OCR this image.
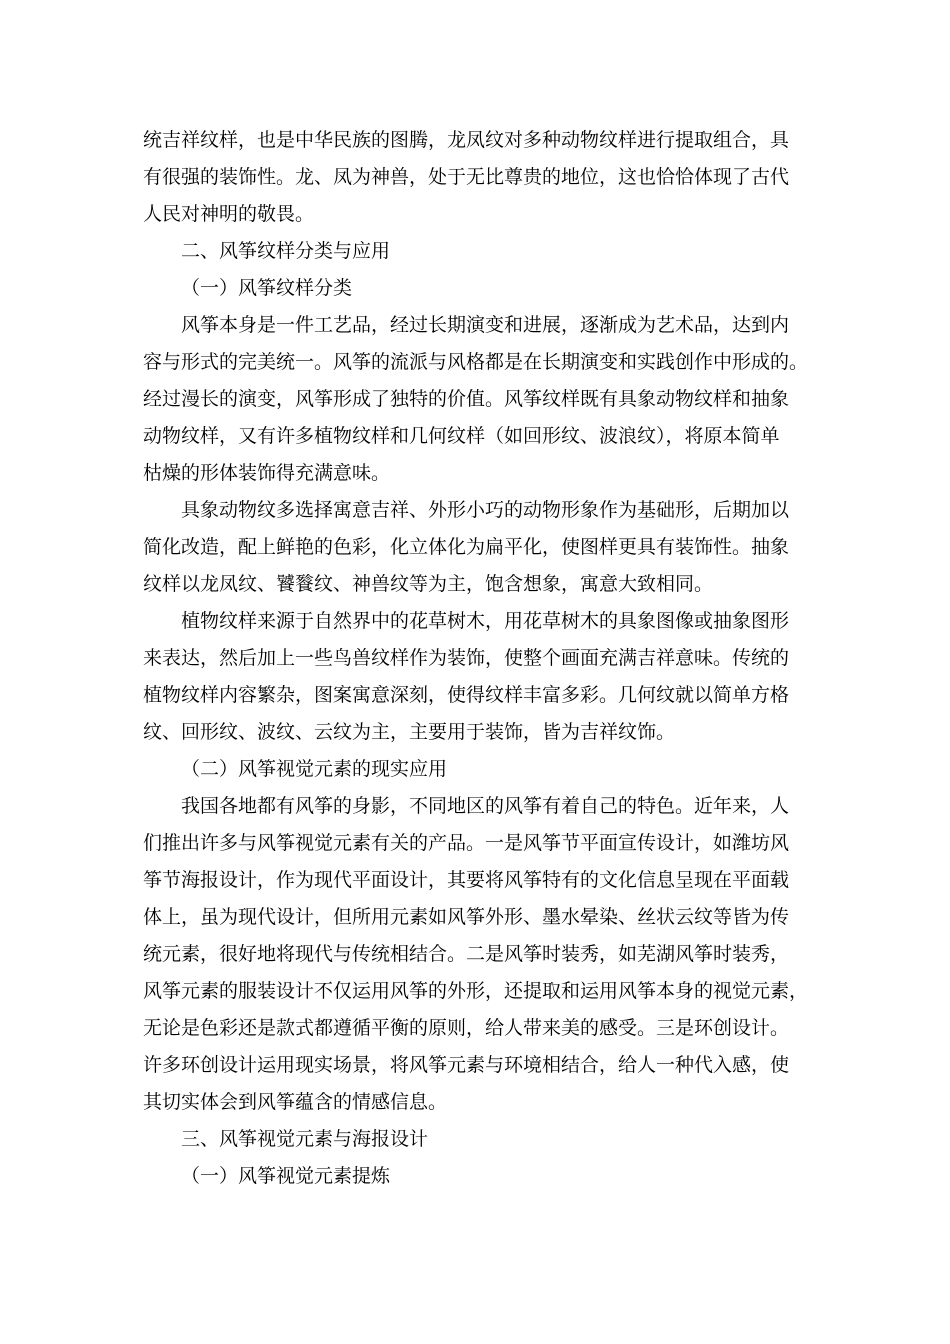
统吉祥纹样，也是中华民族的图腾，龙凤纹对多种动物纹样进行提取组合，具
有很强的装饰性。龙、凤为神兽，处于无比尊贵的地位，这也恰恰体现了古代
人民对神明的敬畏。
二、风筝纹样分类与应用
（一）风筝纹样分类
风筝本身是一件工艺品，经过长期演变和进展，逐渐成为艺术品，达到内
容与形式的完美统一。风筝的流派与风格都是在长期演变和实践创作中形成的。
经过漫长的演变，风筝形成了独特的价值。风筝纹样既有具象动物纹样和抽象
动物纹样，又有许多植物纹样和几何纹样（如回形纹、波浪纹），将原本简单
枯燥的形体装饰得充满意味。
具象动物纹多选择寓意吉祥、外形小巧的动物形象作为基础形，后期加以
简化改造，配上鲜艳的色彩，化立体化为扁平化，使图样更具有装饰性。抽象
纹样以龙凤纹、饕餮纹、神兽纹等为主，饱含想象，寓意大致相同。
植物纹样来源于自然界中的花草树木，用花草树木的具象图像或抽象图形
来表达，然后加上一些鸟兽纹样作为装饰，使整个画面充满吉祥意味。传统的
植物纹样内容繁杂，图案寓意深刻，使得纹样丰富多彩。几何纹就以简单方格
纹、回形纹、波纹、云纹为主，主要用于装饰，皆为吉祥纹饰。
（二）风筝视觉元素的现实应用
我国各地都有风筝的身影，不同地区的风筝有着自己的特色。近年来，人
们推出许多与风筝视觉元素有关的产品。一是风筝节平面宣传设计，如潍坊风
筝节海报设计，作为现代平面设计，其要将风筝特有的文化信息呈现在平面载
体上，虽为现代设计，但所用元素如风筝外形、墨水晕染、丝状云纹等皆为传
统元素，很好地将现代与传统相结合。二是风筝时装秀，如芜湖风筝时装秀，
风筝元素的服装设计不仅运用风筝的外形，还提取和运用风筝本身的视觉元素，
无论是色彩还是款式都遵循平衡的原则，给人带来美的感受。三是环创设计。
许多环创设计运用现实场景，将风筝元素与环境相结合，给人一种代入感，使
其切实体会到风筝蕴含的情感信息。
三、风筝视觉元素与海报设计
（一）风筝视觉元素提炼
